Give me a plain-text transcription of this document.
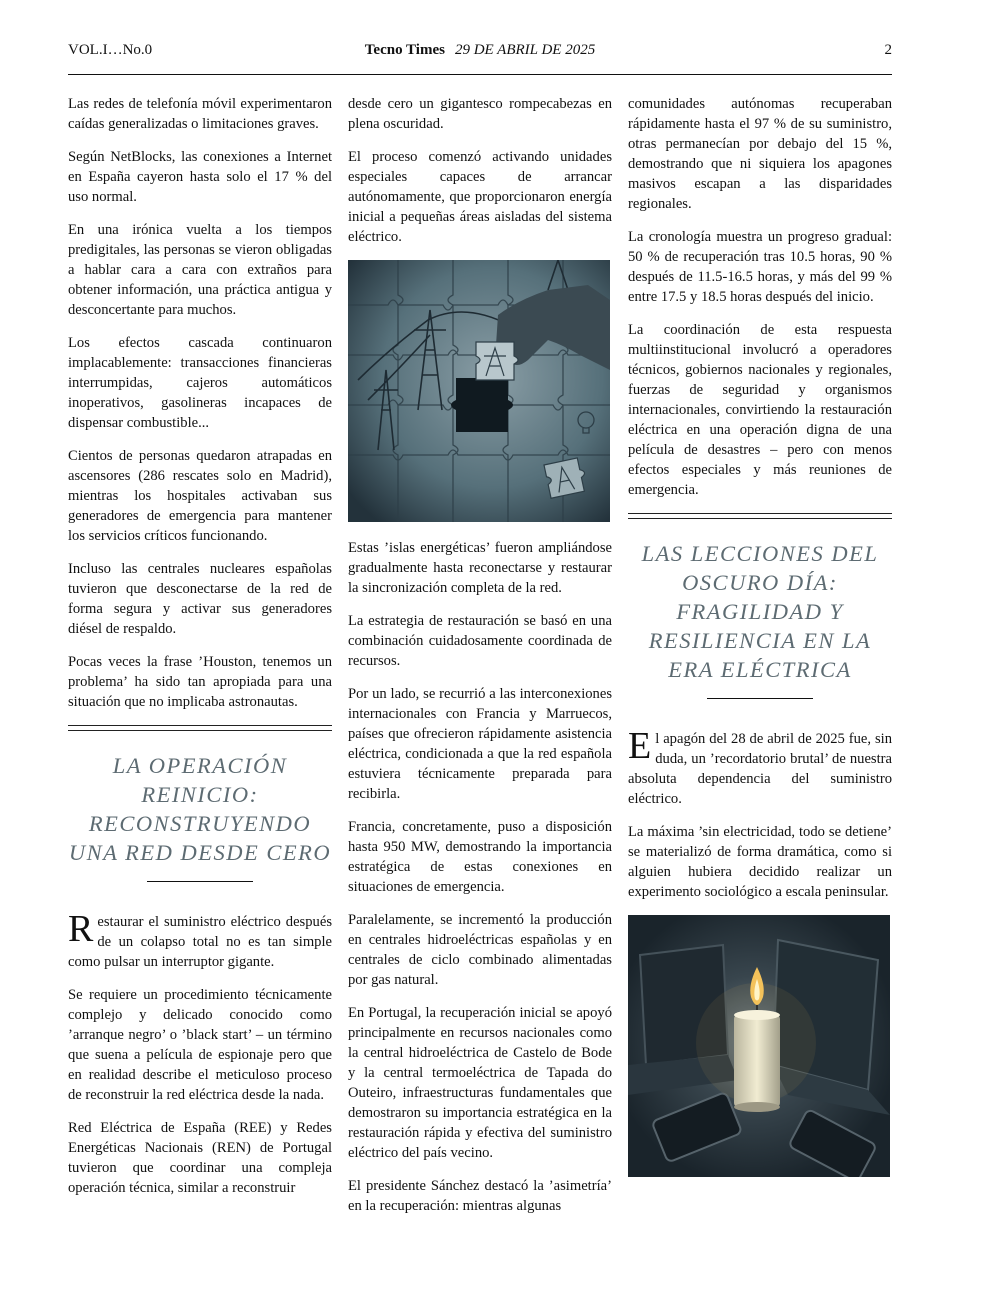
VOL.I…No.0	Tecno Times 29 DE ABRIL DE 2025	2

Las redes de telefonía móvil experimentaron caídas generalizadas o limitaciones graves.

Según NetBlocks, las conexiones a Internet en España cayeron hasta solo el 17 % del uso normal.

En una irónica vuelta a los tiempos predigitales, las personas se vieron obligadas a hablar cara a cara con extraños para obtener información, una práctica antigua y desconcertante para muchos.

Los efectos cascada continuaron implacablemente: transacciones financieras interrumpidas, cajeros automáticos inoperativos, gasolineras incapaces de dispensar combustible...

Cientos de personas quedaron atrapadas en ascensores (286 rescates solo en Madrid), mientras los hospitales activaban sus generadores de emergencia para mantener los servicios críticos funcionando.

Incluso las centrales nucleares españolas tuvieron que desconectarse de la red de forma segura y activar sus generadores diésel de respaldo.

Pocas veces la frase ’Houston, tenemos un problema’ ha sido tan apropiada para una situación que no implicaba astronautas.

LA OPERACIÓN REINICIO: RECONSTRUYENDO UNA RED DESDE CERO

Restaurar el suministro eléctrico después de un colapso total no es tan simple como pulsar un interruptor gigante.

Se requiere un procedimiento técnicamente complejo y delicado conocido como ’arranque negro’ o ’black start’ – un término que suena a película de espionaje pero que en realidad describe el meticuloso proceso de reconstruir la red eléctrica desde la nada.

Red Eléctrica de España (REE) y Redes Energéticas Nacionais (REN) de Portugal tuvieron que coordinar una compleja operación técnica, similar a reconstruir

desde cero un gigantesco rompecabezas en plena oscuridad.

El proceso comenzó activando unidades especiales capaces de arrancar autónomamente, que proporcionaron energía inicial a pequeñas áreas aisladas del sistema eléctrico.

Estas ’islas energéticas’ fueron ampliándose gradualmente hasta reconectarse y restaurar la sincronización completa de la red.

La estrategia de restauración se basó en una combinación cuidadosamente coordinada de recursos.

Por un lado, se recurrió a las interconexiones internacionales con Francia y Marruecos, países que ofrecieron rápidamente asistencia eléctrica, condicionada a que la red española estuviera técnicamente preparada para recibirla.

Francia, concretamente, puso a disposición hasta 950 MW, demostrando la importancia estratégica de estas conexiones en situaciones de emergencia.

Paralelamente, se incrementó la producción en centrales hidroeléctricas españolas y en centrales de ciclo combinado alimentadas por gas natural.

En Portugal, la recuperación inicial se apoyó principalmente en recursos nacionales como la central hidroeléctrica de Castelo de Bode y la central termoeléctrica de Tapada do Outeiro, infraestructuras fundamentales que demostraron su importancia estratégica en la restauración rápida y efectiva del suministro eléctrico del país vecino.

El presidente Sánchez destacó la ’asimetría’ en la recuperación: mientras algunas

comunidades autónomas recuperaban rápidamente hasta el 97 % de su suministro, otras permanecían por debajo del 15 %, demostrando que ni siquiera los apagones masivos escapan a las disparidades regionales.

La cronología muestra un progreso gradual: 50 % de recuperación tras 10.5 horas, 90 % después de 11.5-16.5 horas, y más del 99 % entre 17.5 y 18.5 horas después del inicio.

La coordinación de esta respuesta multiinstitucional involucró a operadores técnicos, gobiernos nacionales y regionales, fuerzas de seguridad y organismos internacionales, convirtiendo la restauración eléctrica en una operación digna de una película de desastres – pero con menos efectos especiales y más reuniones de emergencia.

LAS LECCIONES DEL OSCURO DÍA: FRAGILIDAD Y RESILIENCIA EN LA ERA ELÉCTRICA

El apagón del 28 de abril de 2025 fue, sin duda, un ’recordatorio brutal’ de nuestra absoluta dependencia del suministro eléctrico.

La máxima ’sin electricidad, todo se detiene’ se materializó de forma dramática, como si alguien hubiera decidido realizar un experimento sociológico a escala peninsular.
